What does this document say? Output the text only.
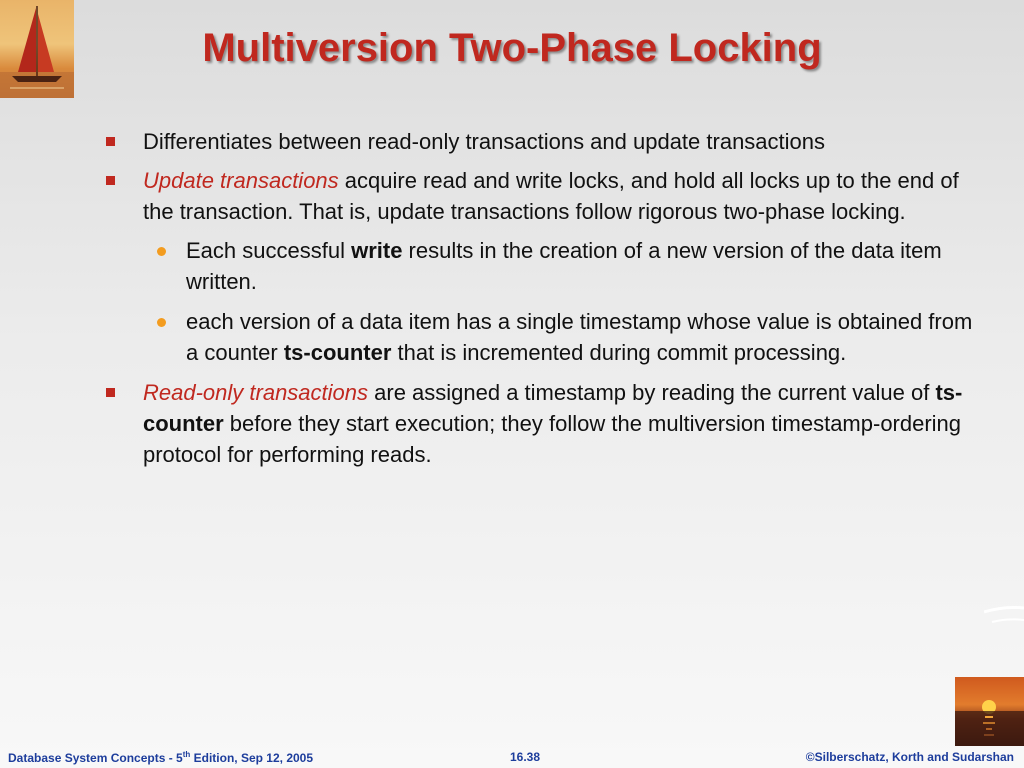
Multiversion Two-Phase Locking
Differentiates between read-only transactions and update transactions
Update transactions acquire read and write locks, and hold all locks up to the end of the transaction. That is, update transactions follow rigorous two-phase locking.
Each successful write results in the creation of a new version of the data item written.
each version of a data item has a single timestamp whose value is obtained from a counter ts-counter that is incremented during commit processing.
Read-only transactions are assigned a timestamp by reading the current value of ts-counter before they start execution; they follow the multiversion timestamp-ordering protocol for performing reads.
Database System Concepts - 5th Edition, Sep 12, 2005	16.38	©Silberschatz, Korth and Sudarshan
